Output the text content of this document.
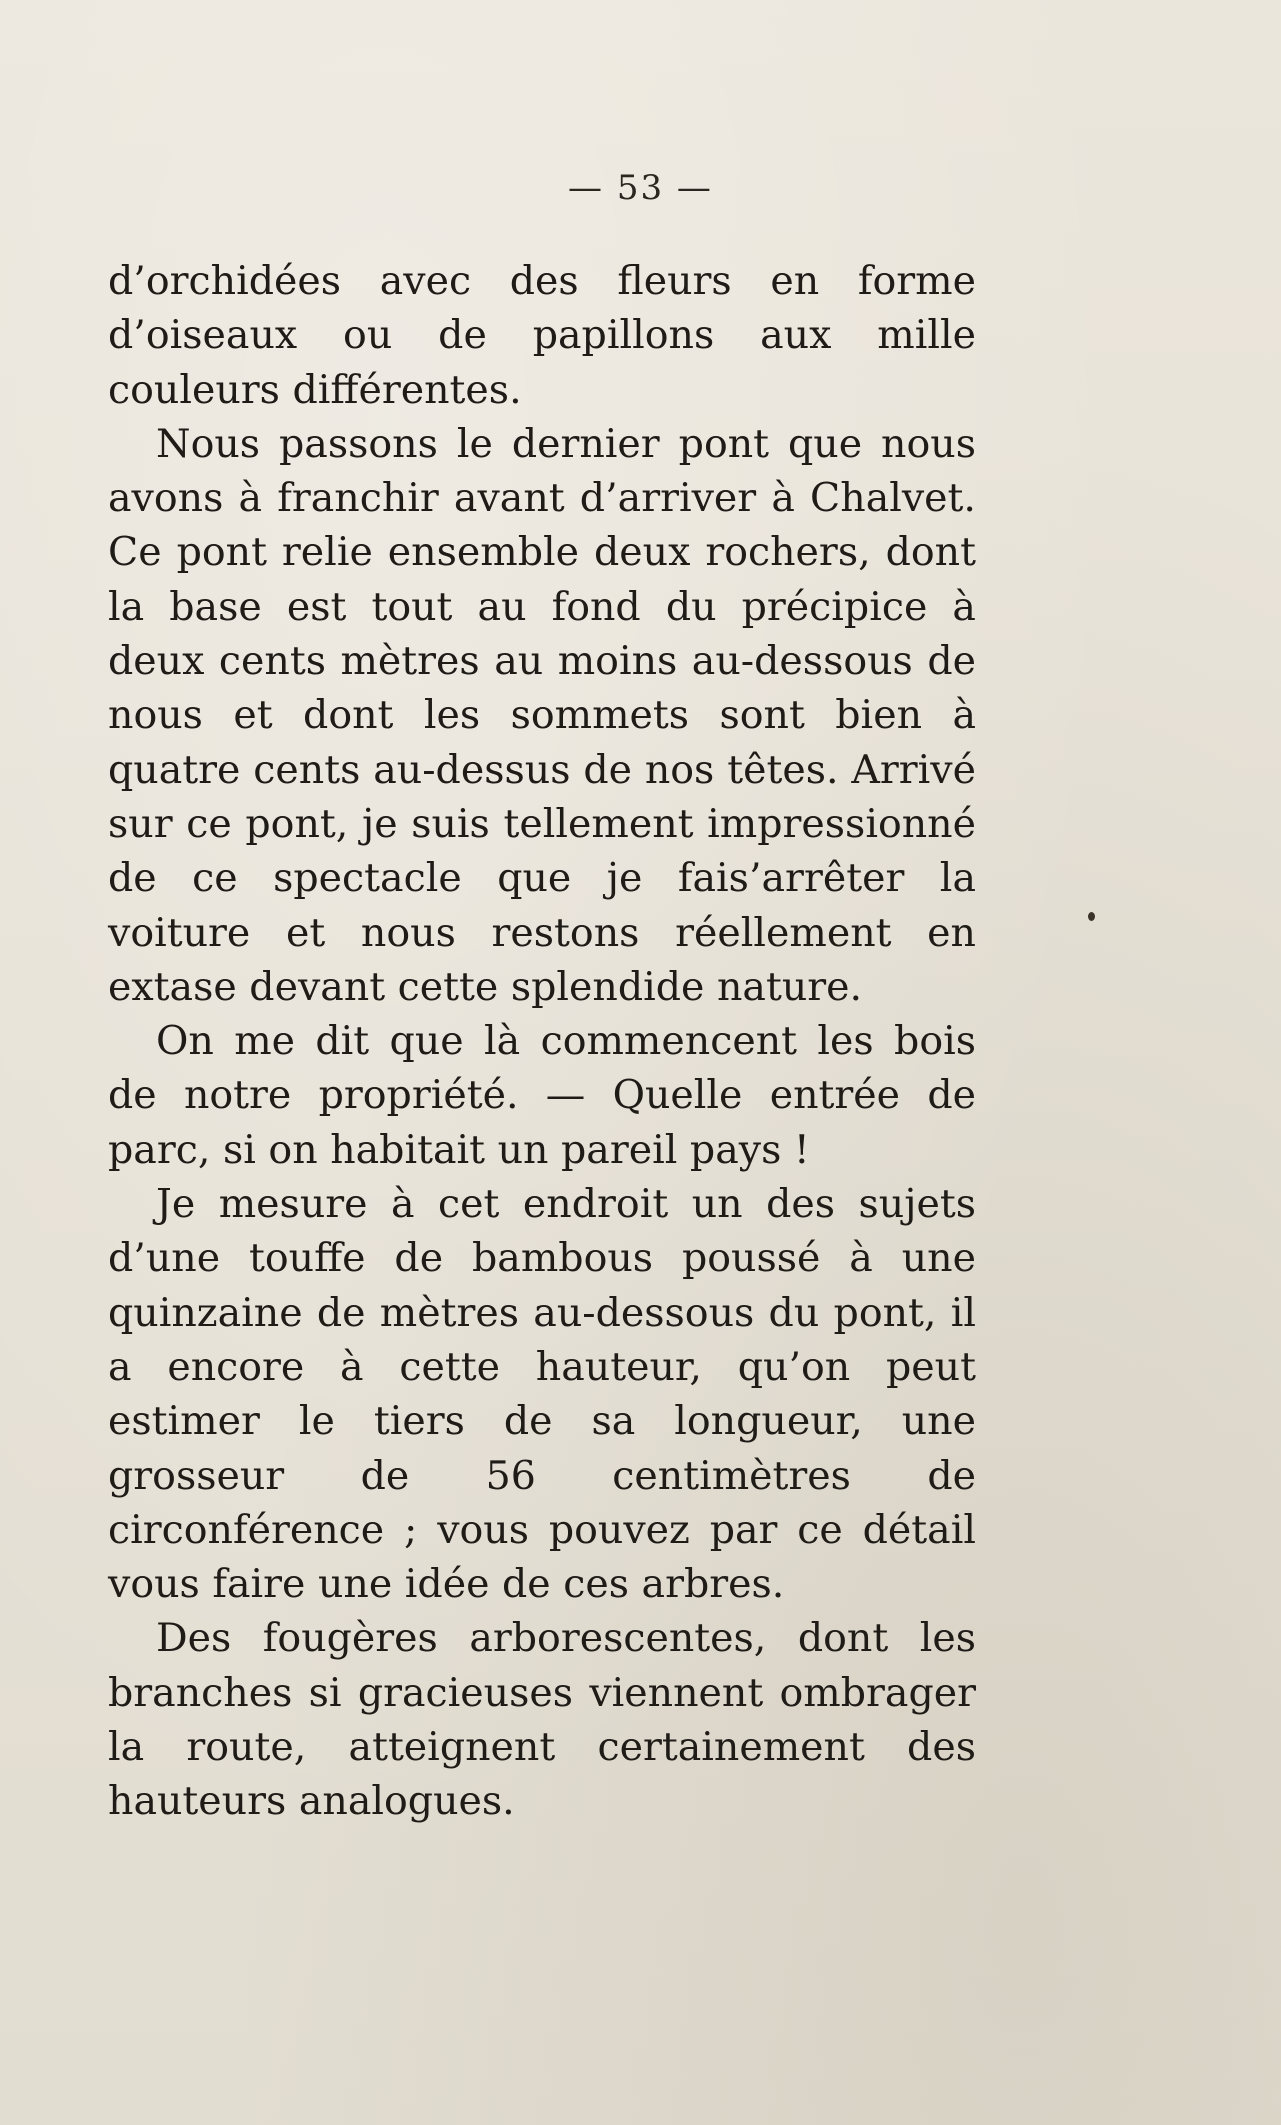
— 53 —

d’orchidées avec des fleurs en forme d’oiseaux ou de papillons aux mille couleurs différentes.

Nous passons le dernier pont que nous avons à franchir avant d’arriver à Chalvet. Ce pont relie ensemble deux rochers, dont la base est tout au fond du précipice à deux cents mètres au moins au-dessous de nous et dont les sommets sont bien à quatre cents au-dessus de nos têtes. Arrivé sur ce pont, je suis tellement impressionné de ce spectacle que je fais’arrêter la voiture et nous restons réellement en extase devant cette splendide nature.

On me dit que là commencent les bois de notre propriété. — Quelle entrée de parc, si on habitait un pareil pays !

Je mesure à cet endroit un des sujets d’une touffe de bambous poussé à une quinzaine de mètres au-dessous du pont, il a encore à cette hauteur, qu’on peut estimer le tiers de sa longueur, une grosseur de 56 centimètres de circonférence ; vous pouvez par ce détail vous faire une idée de ces arbres.

Des fougères arborescentes, dont les branches si gracieuses viennent ombrager la route, atteignent certainement des hauteurs analogues.
